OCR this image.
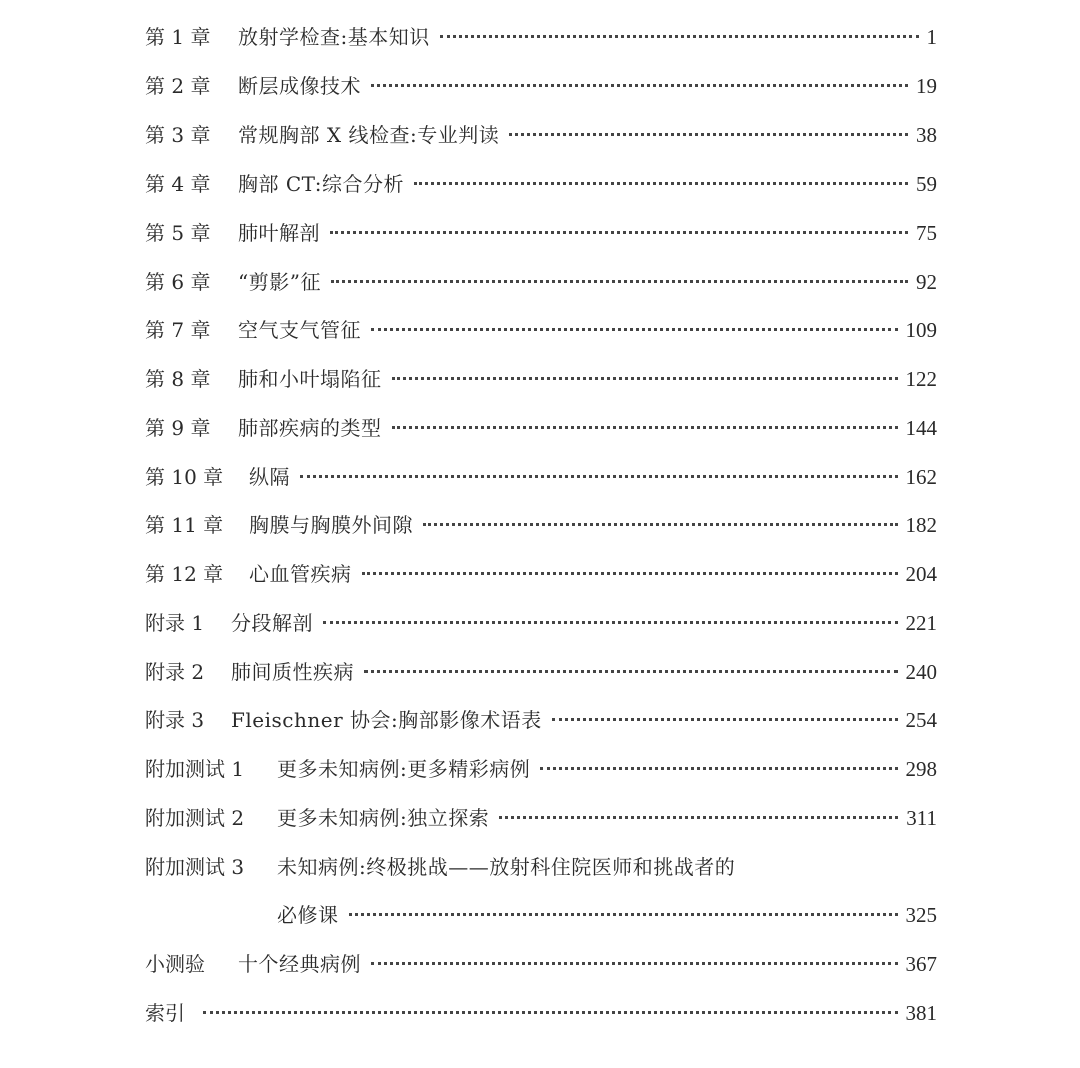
第 1 章 放射学检查:基本知识	1
第 2 章 断层成像技术	19
第 3 章 常规胸部 X 线检查:专业判读	38
第 4 章 胸部 CT:综合分析	59
第 5 章 肺叶解剖	75
第 6 章 “剪影”征	92
第 7 章 空气支气管征	109
第 8 章 肺和小叶塌陷征	122
第 9 章 肺部疾病的类型	144
第 10 章 纵隔	162
第 11 章 胸膜与胸膜外间隙	182
第 12 章 心血管疾病	204
附录 1 分段解剖	221
附录 2 肺间质性疾病	240
附录 3 Fleischner 协会:胸部影像术语表	254
附加测试 1 更多未知病例:更多精彩病例	298
附加测试 2 更多未知病例:独立探索	311
附加测试 3 未知病例:终极挑战——放射科住院医师和挑战者的
必修课	325
小测验 十个经典病例	367
索引	381
